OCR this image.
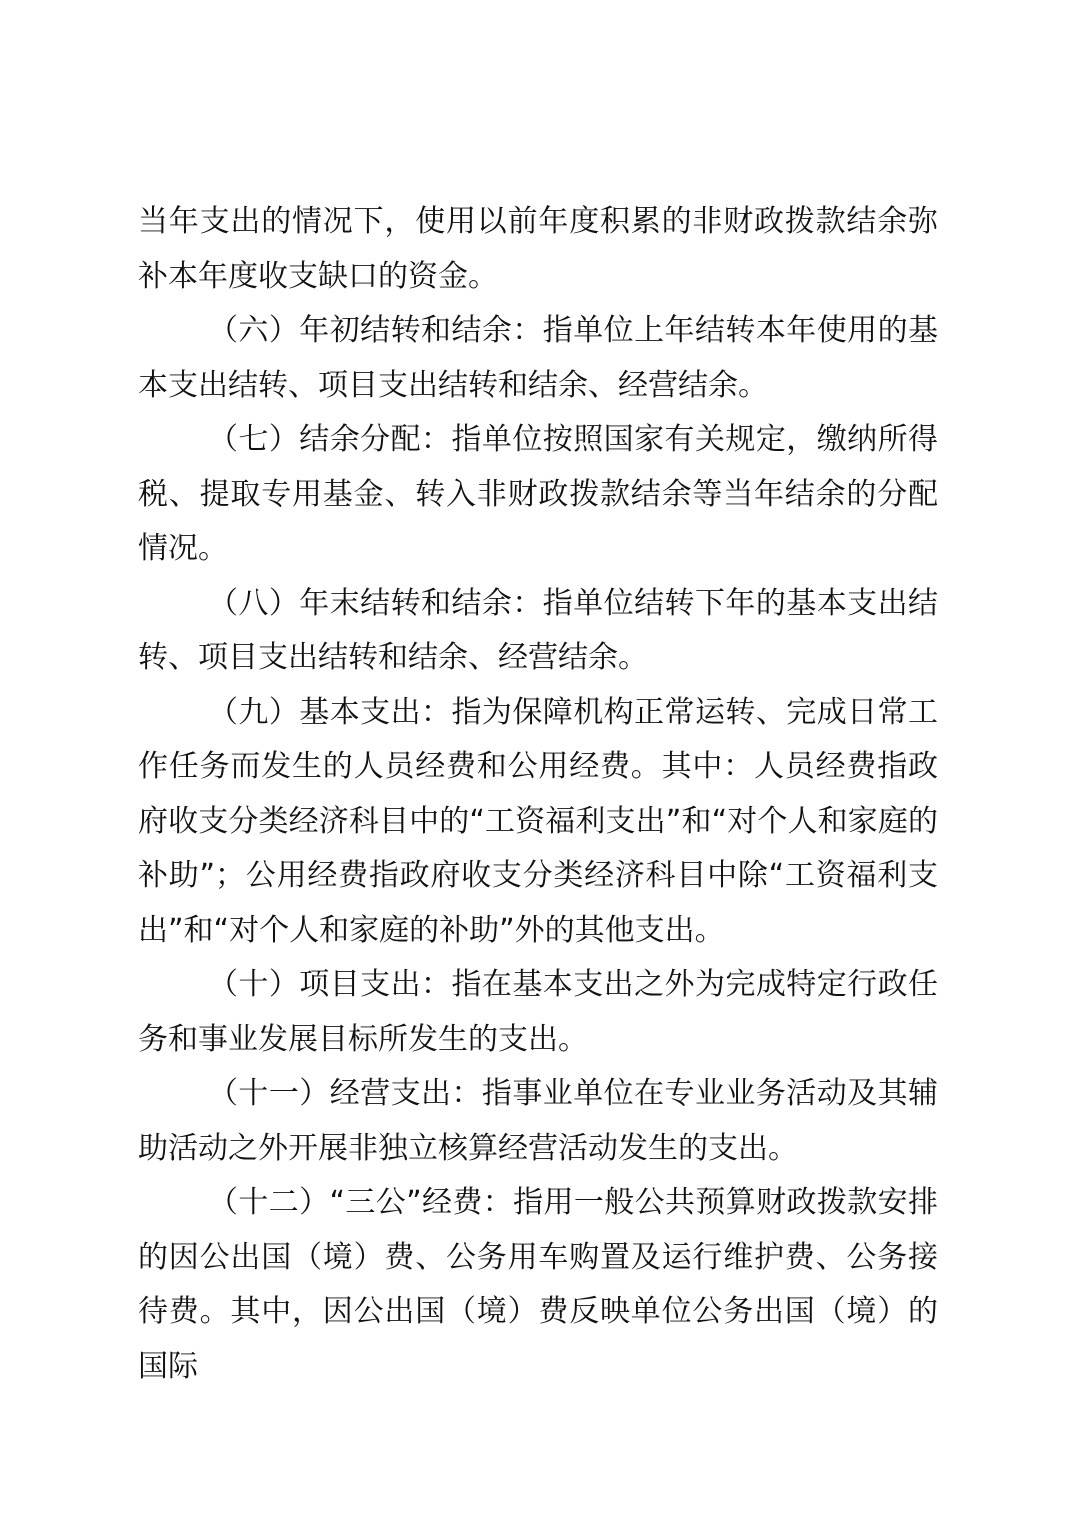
当年支出的情况下，使用以前年度积累的非财政拨款结余弥补本年度收支缺口的资金。

（六）年初结转和结余：指单位上年结转本年使用的基本支出结转、项目支出结转和结余、经营结余。

（七）结余分配：指单位按照国家有关规定，缴纳所得税、提取专用基金、转入非财政拨款结余等当年结余的分配情况。

（八）年末结转和结余：指单位结转下年的基本支出结转、项目支出结转和结余、经营结余。

（九）基本支出：指为保障机构正常运转、完成日常工作任务而发生的人员经费和公用经费。其中：人员经费指政府收支分类经济科目中的“工资福利支出”和“对个人和家庭的补助”；公用经费指政府收支分类经济科目中除“工资福利支出”和“对个人和家庭的补助”外的其他支出。

（十）项目支出：指在基本支出之外为完成特定行政任务和事业发展目标所发生的支出。

（十一）经营支出：指事业单位在专业业务活动及其辅助活动之外开展非独立核算经营活动发生的支出。

（十二）“三公”经费：指用一般公共预算财政拨款安排的因公出国（境）费、公务用车购置及运行维护费、公务接待费。其中，因公出国（境）费反映单位公务出国（境）的国际
